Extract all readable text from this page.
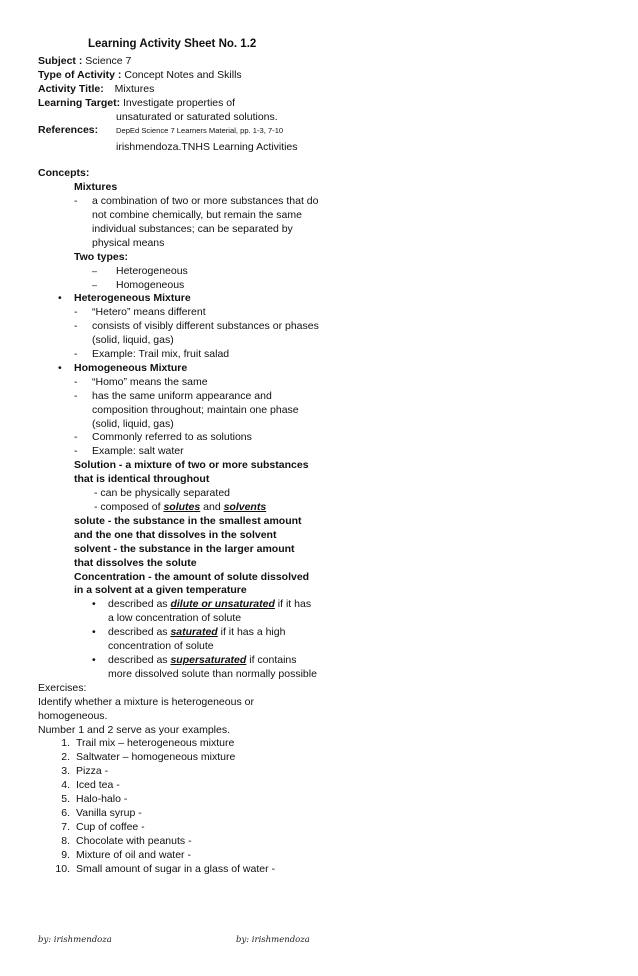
Learning Activity Sheet No. 1.2
Subject : Science 7
Type of Activity : Concept Notes and Skills
Activity Title: Mixtures
Learning Target: Investigate properties of
unsaturated or saturated solutions.
References:	DepEd Science 7 Learners Material, pp. 1-3, 7-10
irishmendoza.TNHS Learning Activities
Concepts:
Mixtures
-	a combination of two or more substances that do not combine chemically, but remain the same individual substances; can be separated by physical means
Two types:
–	Heterogeneous
–	Homogeneous
•	Heterogeneous Mixture
-	“Hetero” means different
-	consists of visibly different substances or phases (solid, liquid, gas)
-	Example: Trail mix, fruit salad
•	Homogeneous Mixture
-	“Homo” means the same
-	has the same uniform appearance and composition throughout; maintain one phase (solid, liquid, gas)
-	Commonly referred to as solutions
-	Example: salt water
Solution - a mixture of two or more substances that is identical throughout
- can be physically separated
- composed of solutes and solvents
solute - the substance in the smallest amount and the one that dissolves in the solvent
solvent - the substance in the larger amount that dissolves the solute
Concentration - the amount of solute dissolved in a solvent at a given temperature
•	described as dilute or unsaturated if it has a low concentration of solute
•	described as saturated if it has a high concentration of solute
•	described as supersaturated if contains more dissolved solute than normally possible
Exercises:
Identify whether a mixture is heterogeneous or homogeneous.
Number 1 and 2 serve as your examples.
1. Trail mix – heterogeneous mixture
2. Saltwater – homogeneous mixture
3. Pizza -
4. Iced tea -
5. Halo-halo -
6. Vanilla syrup -
7. Cup of coffee -
8. Chocolate with peanuts -
9. Mixture of oil and water -
10. Small amount of sugar in a glass of water -
by: irishmendoza	by: irishmendoza
